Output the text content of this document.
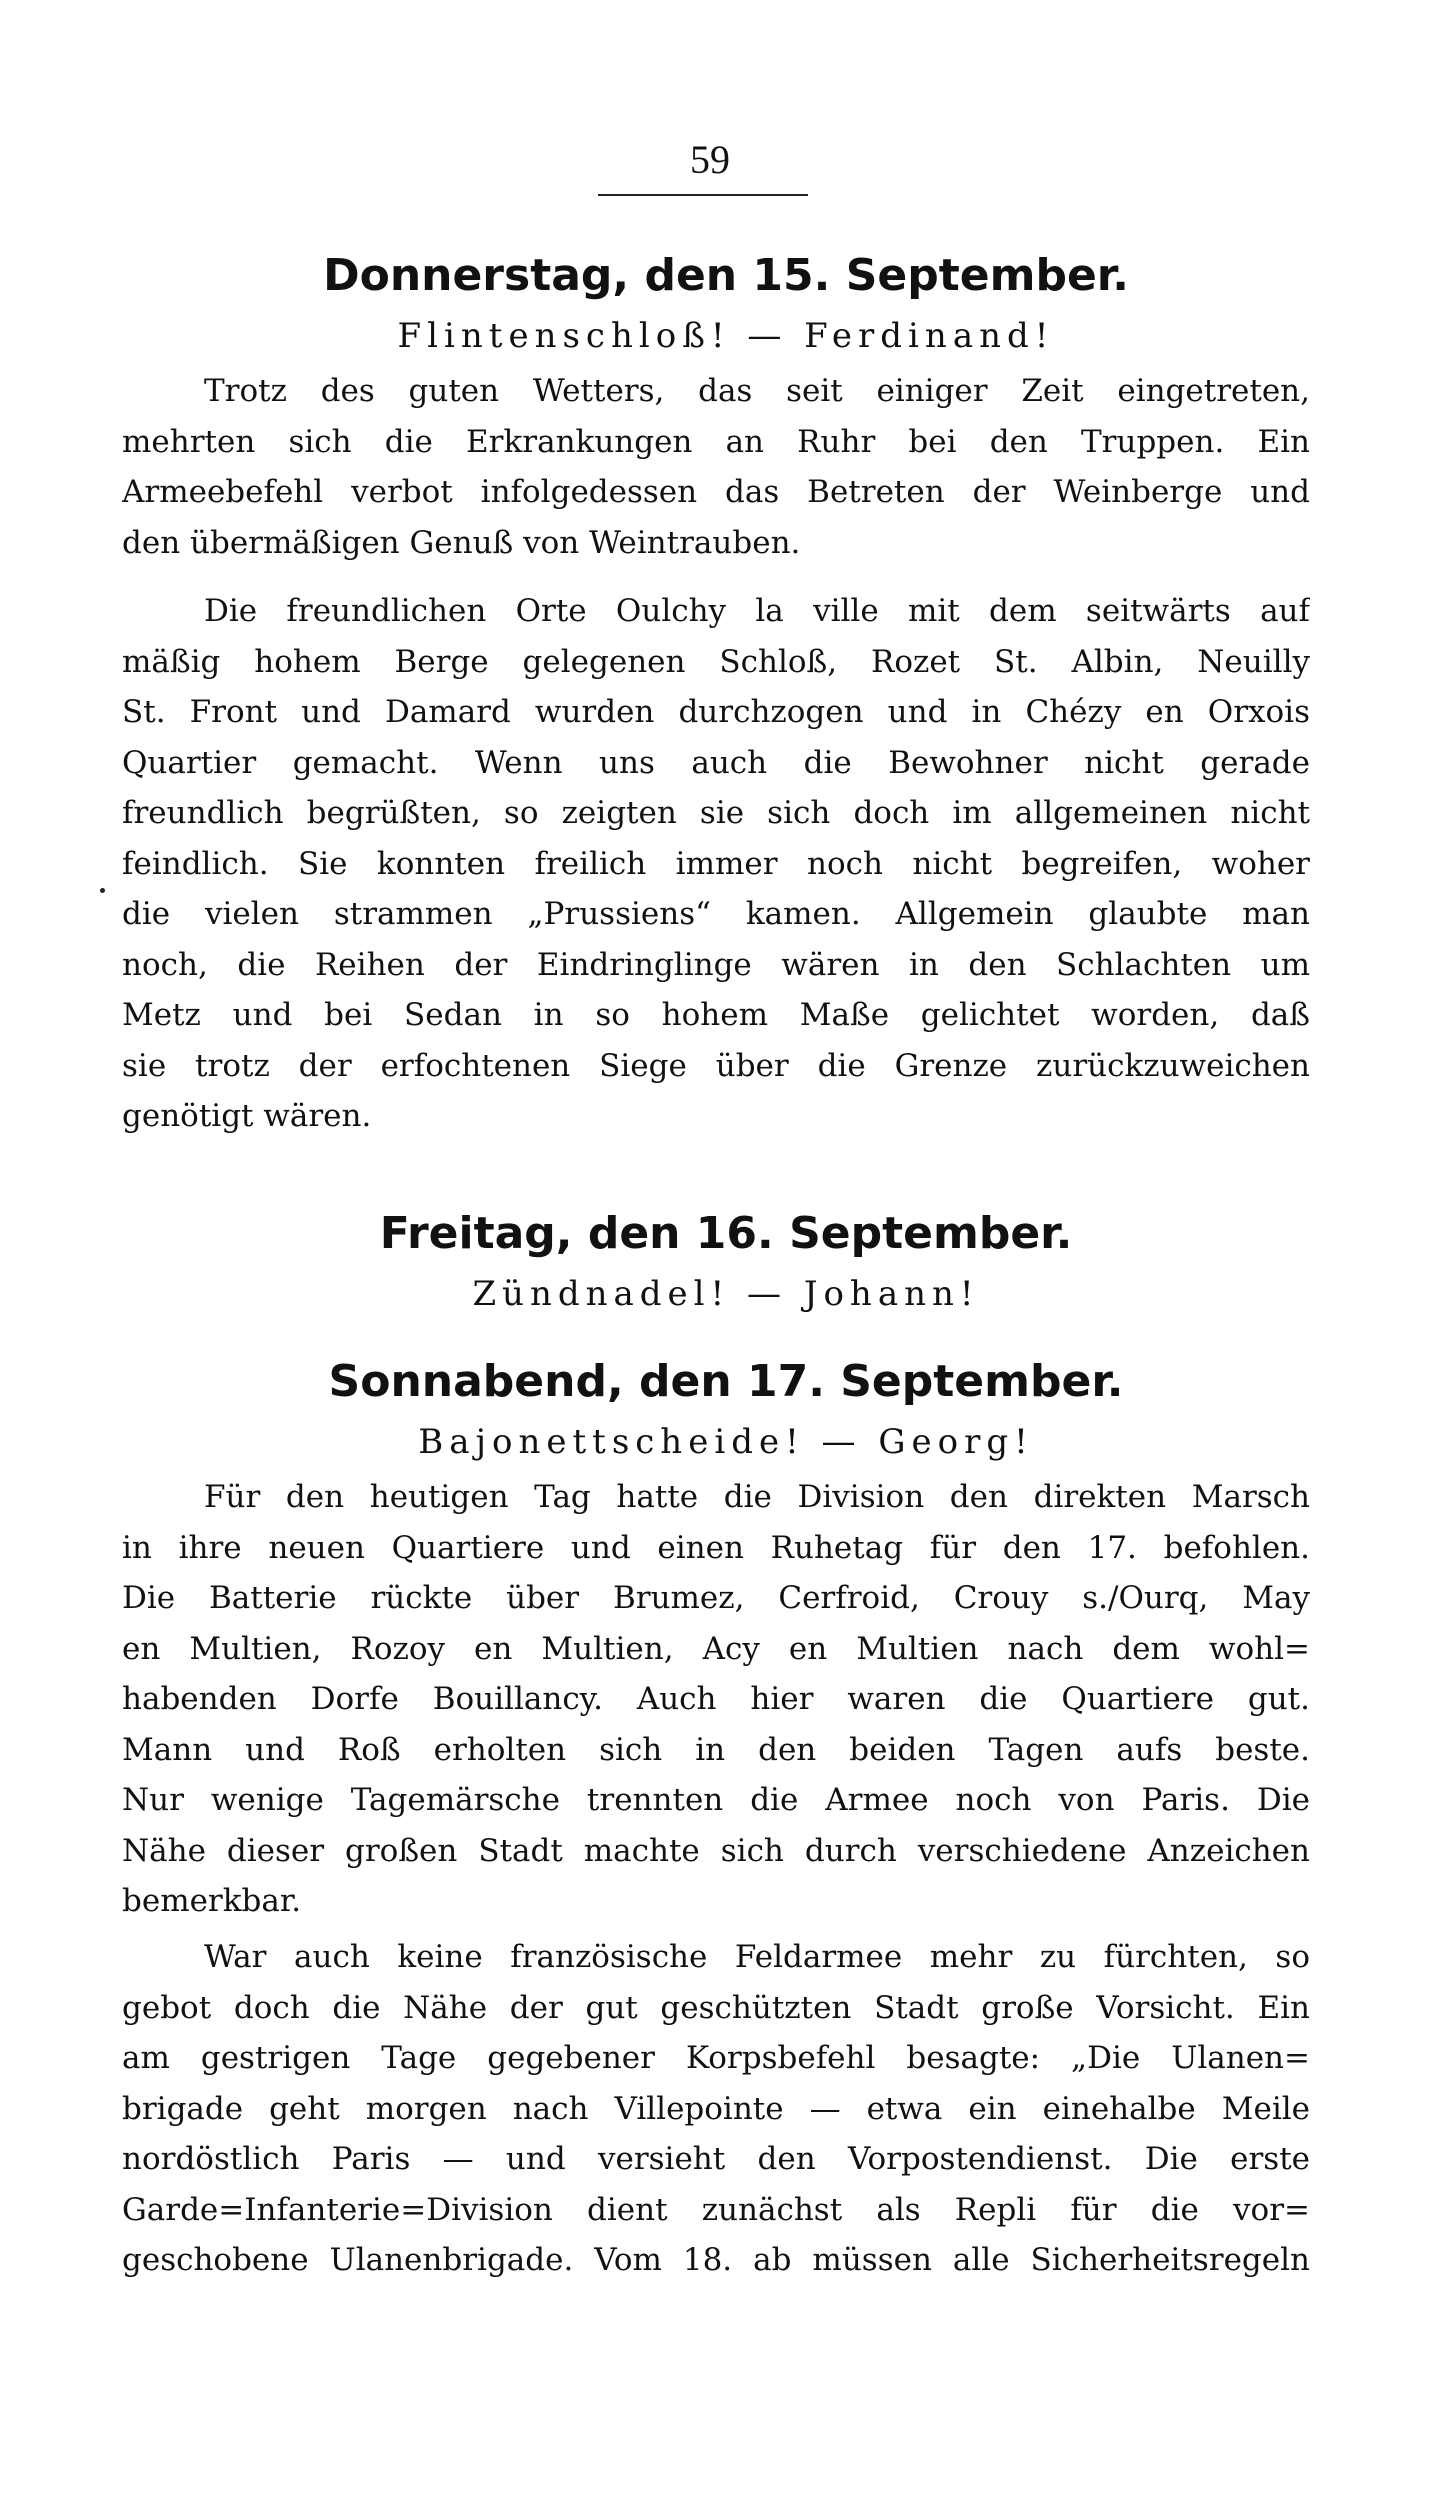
59
Donnerstag, den 15. September.
Flintenschloß! — Ferdinand!
Trotz des guten Wetters, das seit einiger Zeit eingetreten,
mehrten sich die Erkrankungen an Ruhr bei den Truppen. Ein
Armeebefehl verbot infolgedessen das Betreten der Weinberge und
den übermäßigen Genuß von Weintrauben.
Die freundlichen Orte Oulchy la ville mit dem seitwärts auf
mäßig hohem Berge gelegenen Schloß, Rozet St. Albin, Neuilly
St. Front und Damard wurden durchzogen und in Chézy en Orxois
Quartier gemacht. Wenn uns auch die Bewohner nicht gerade
freundlich begrüßten, so zeigten sie sich doch im allgemeinen nicht
feindlich. Sie konnten freilich immer noch nicht begreifen, woher
die vielen strammen „Prussiens“ kamen. Allgemein glaubte man
noch, die Reihen der Eindringlinge wären in den Schlachten um
Metz und bei Sedan in so hohem Maße gelichtet worden, daß
sie trotz der erfochtenen Siege über die Grenze zurückzuweichen
genötigt wären.
Freitag, den 16. September.
Zündnadel! — Johann!
Sonnabend, den 17. September.
Bajonettscheide! — Georg!
Für den heutigen Tag hatte die Division den direkten Marsch
in ihre neuen Quartiere und einen Ruhetag für den 17. befohlen.
Die Batterie rückte über Brumez, Cerfroid, Crouy s./Ourq, May
en Multien, Rozoy en Multien, Acy en Multien nach dem wohl=
habenden Dorfe Bouillancy. Auch hier waren die Quartiere gut.
Mann und Roß erholten sich in den beiden Tagen aufs beste.
Nur wenige Tagemärsche trennten die Armee noch von Paris. Die
Nähe dieser großen Stadt machte sich durch verschiedene Anzeichen
bemerkbar.
War auch keine französische Feldarmee mehr zu fürchten, so
gebot doch die Nähe der gut geschützten Stadt große Vorsicht. Ein
am gestrigen Tage gegebener Korpsbefehl besagte: „Die Ulanen=
brigade geht morgen nach Villepointe — etwa ein einehalbe Meile
nordöstlich Paris — und versieht den Vorpostendienst. Die erste
Garde=Infanterie=Division dient zunächst als Repli für die vor=
geschobene Ulanenbrigade. Vom 18. ab müssen alle Sicherheitsregeln
